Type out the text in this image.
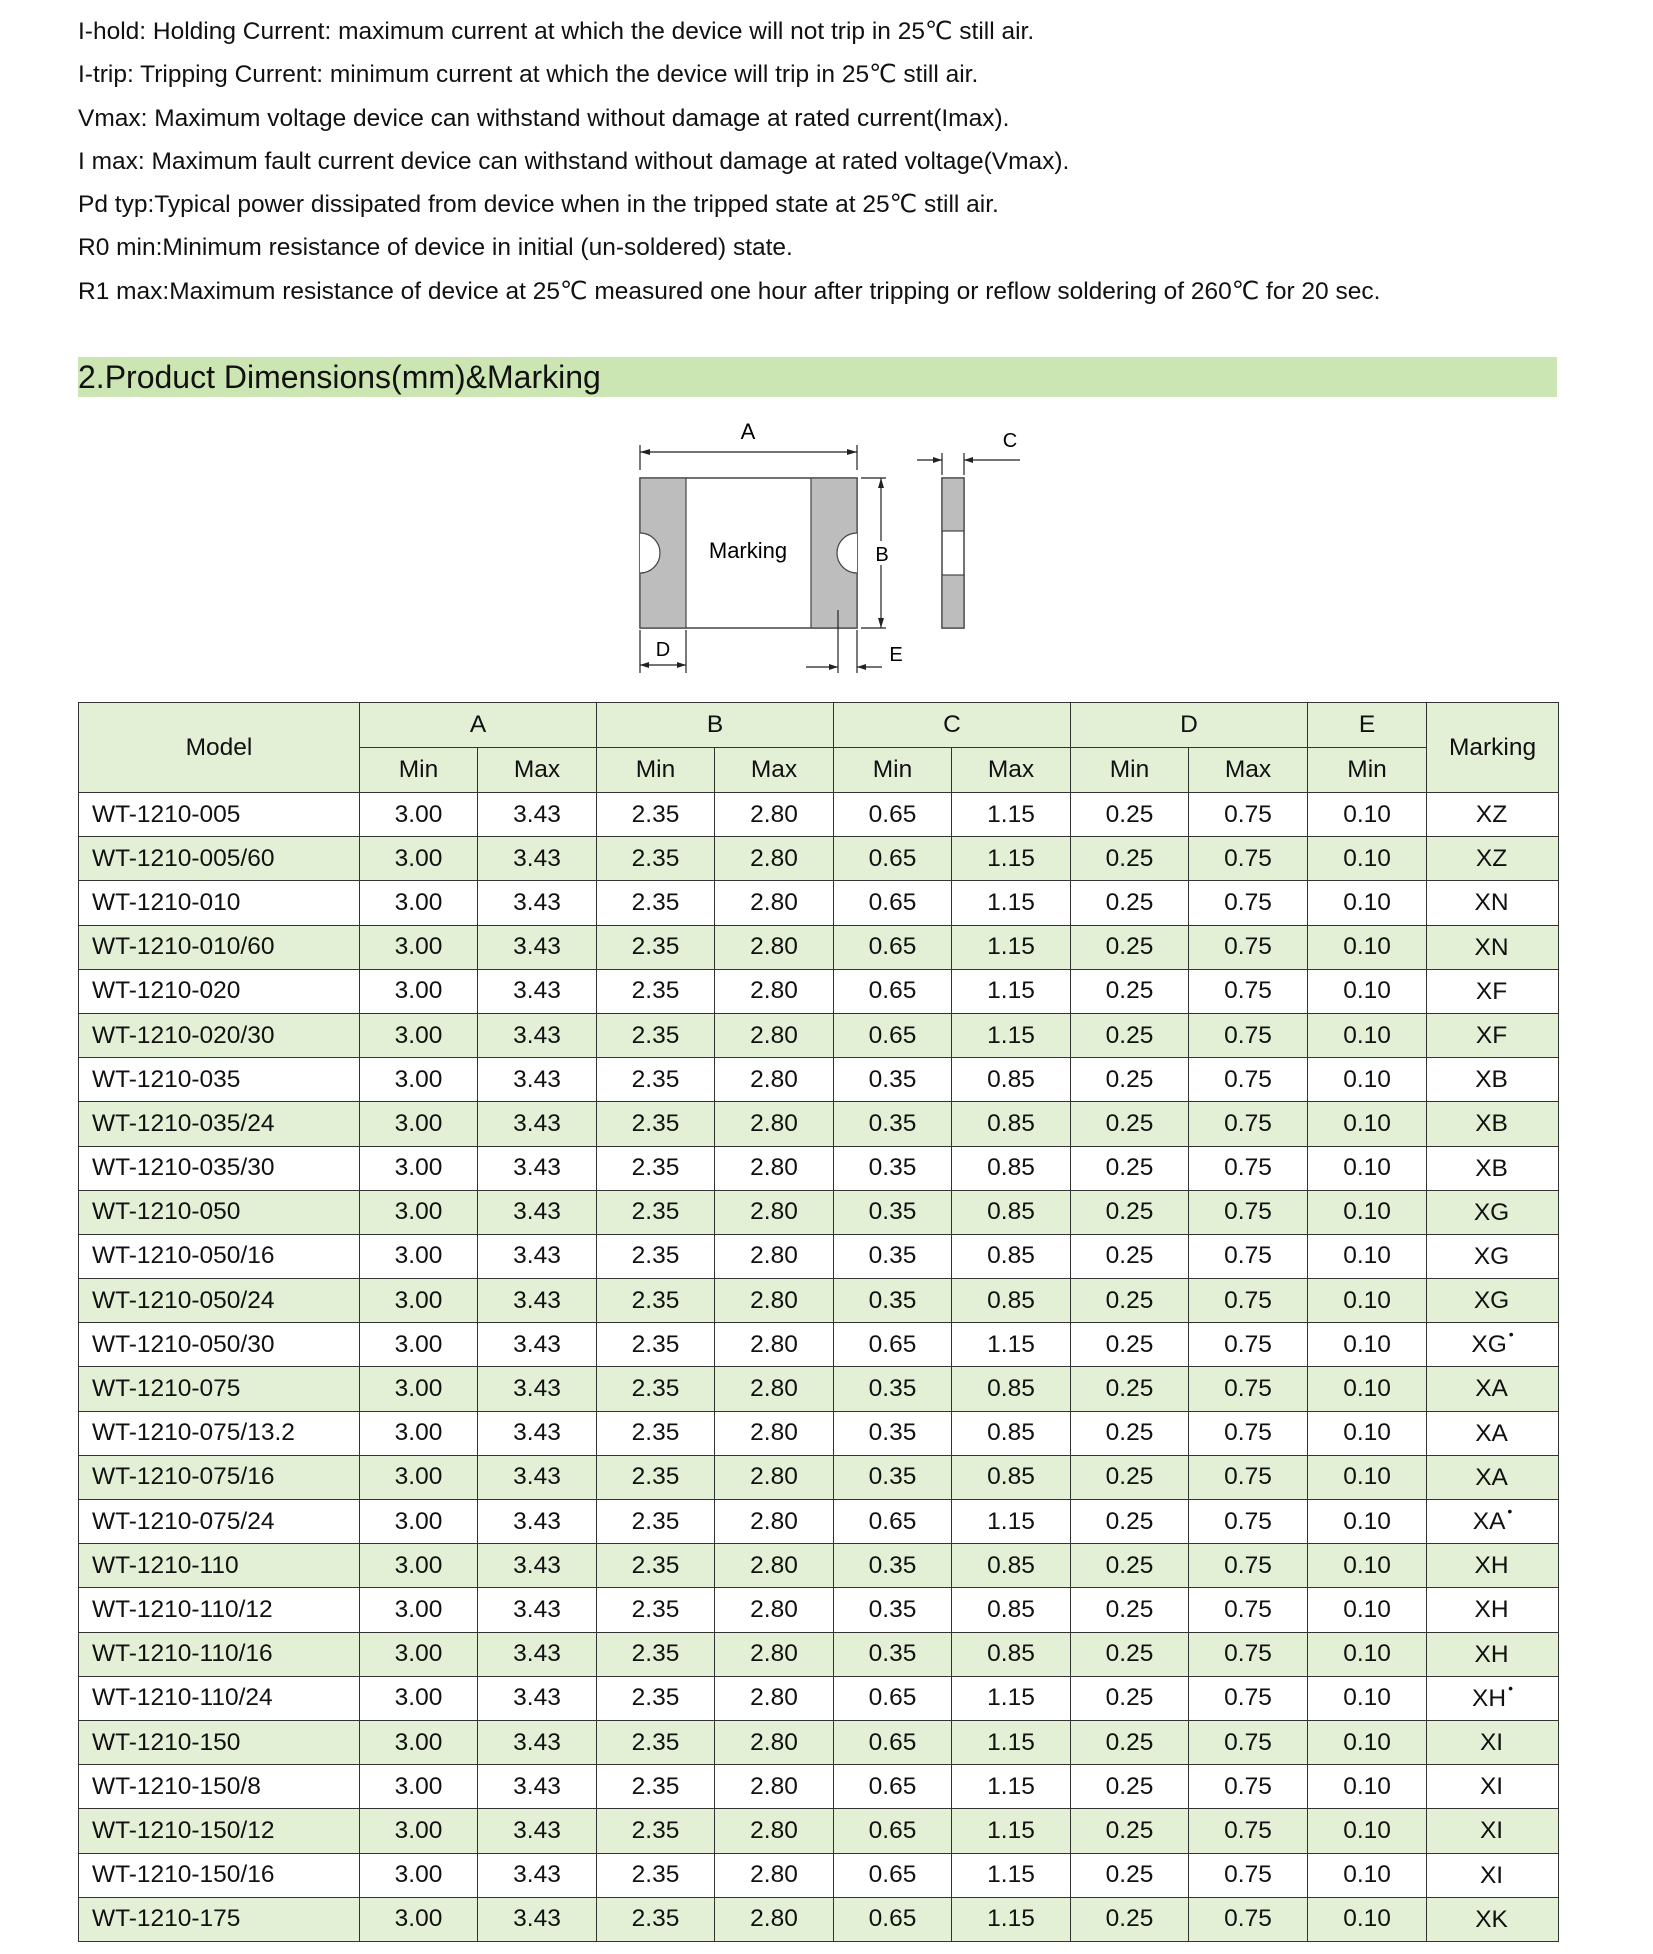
I-hold: Holding Current: maximum current at which the device will not trip in 25℃ still air.
I-trip: Tripping Current: minimum current at which the device will trip in 25℃ still air.
Vmax: Maximum voltage device can withstand without damage at rated current(Imax).
I max: Maximum fault current device can withstand without damage at rated voltage(Vmax).
Pd typ:Typical power dissipated from device when in the tripped state at 25℃ still air.
R0 min:Minimum resistance of device in initial (un-soldered) state.
R1 max:Maximum resistance of device at 25℃ measured one hour after tripping or reflow soldering of 260℃ for 20 sec.
2.Product Dimensions(mm)&Marking
A
Marking	B
D	E
C
Model	A		B		C		D		E	Marking
	Min	Max	Min	Max	Min	Max	Min	Max	Min	
WT-1210-005	3.00	3.43	2.35	2.80	0.65	1.15	0.25	0.75	0.10	XZ
WT-1210-005/60	3.00	3.43	2.35	2.80	0.65	1.15	0.25	0.75	0.10	XZ
WT-1210-010	3.00	3.43	2.35	2.80	0.65	1.15	0.25	0.75	0.10	XN
WT-1210-010/60	3.00	3.43	2.35	2.80	0.65	1.15	0.25	0.75	0.10	XN
WT-1210-020	3.00	3.43	2.35	2.80	0.65	1.15	0.25	0.75	0.10	XF
WT-1210-020/30	3.00	3.43	2.35	2.80	0.65	1.15	0.25	0.75	0.10	XF
WT-1210-035	3.00	3.43	2.35	2.80	0.35	0.85	0.25	0.75	0.10	XB
WT-1210-035/24	3.00	3.43	2.35	2.80	0.35	0.85	0.25	0.75	0.10	XB
WT-1210-035/30	3.00	3.43	2.35	2.80	0.35	0.85	0.25	0.75	0.10	XB
WT-1210-050	3.00	3.43	2.35	2.80	0.35	0.85	0.25	0.75	0.10	XG
WT-1210-050/16	3.00	3.43	2.35	2.80	0.35	0.85	0.25	0.75	0.10	XG
WT-1210-050/24	3.00	3.43	2.35	2.80	0.35	0.85	0.25	0.75	0.10	XG
WT-1210-050/30	3.00	3.43	2.35	2.80	0.65	1.15	0.25	0.75	0.10	XG •
WT-1210-075	3.00	3.43	2.35	2.80	0.35	0.85	0.25	0.75	0.10	XA
WT-1210-075/13.2	3.00	3.43	2.35	2.80	0.35	0.85	0.25	0.75	0.10	XA
WT-1210-075/16	3.00	3.43	2.35	2.80	0.35	0.85	0.25	0.75	0.10	XA
WT-1210-075/24	3.00	3.43	2.35	2.80	0.65	1.15	0.25	0.75	0.10	XA •
WT-1210-110	3.00	3.43	2.35	2.80	0.35	0.85	0.25	0.75	0.10	XH
WT-1210-110/12	3.00	3.43	2.35	2.80	0.35	0.85	0.25	0.75	0.10	XH
WT-1210-110/16	3.00	3.43	2.35	2.80	0.35	0.85	0.25	0.75	0.10	XH
WT-1210-110/24	3.00	3.43	2.35	2.80	0.65	1.15	0.25	0.75	0.10	XH •
WT-1210-150	3.00	3.43	2.35	2.80	0.65	1.15	0.25	0.75	0.10	XI
WT-1210-150/8	3.00	3.43	2.35	2.80	0.65	1.15	0.25	0.75	0.10	XI
WT-1210-150/12	3.00	3.43	2.35	2.80	0.65	1.15	0.25	0.75	0.10	XI
WT-1210-150/16	3.00	3.43	2.35	2.80	0.65	1.15	0.25	0.75	0.10	XI
WT-1210-175	3.00	3.43	2.35	2.80	0.65	1.15	0.25	0.75	0.10	XK
